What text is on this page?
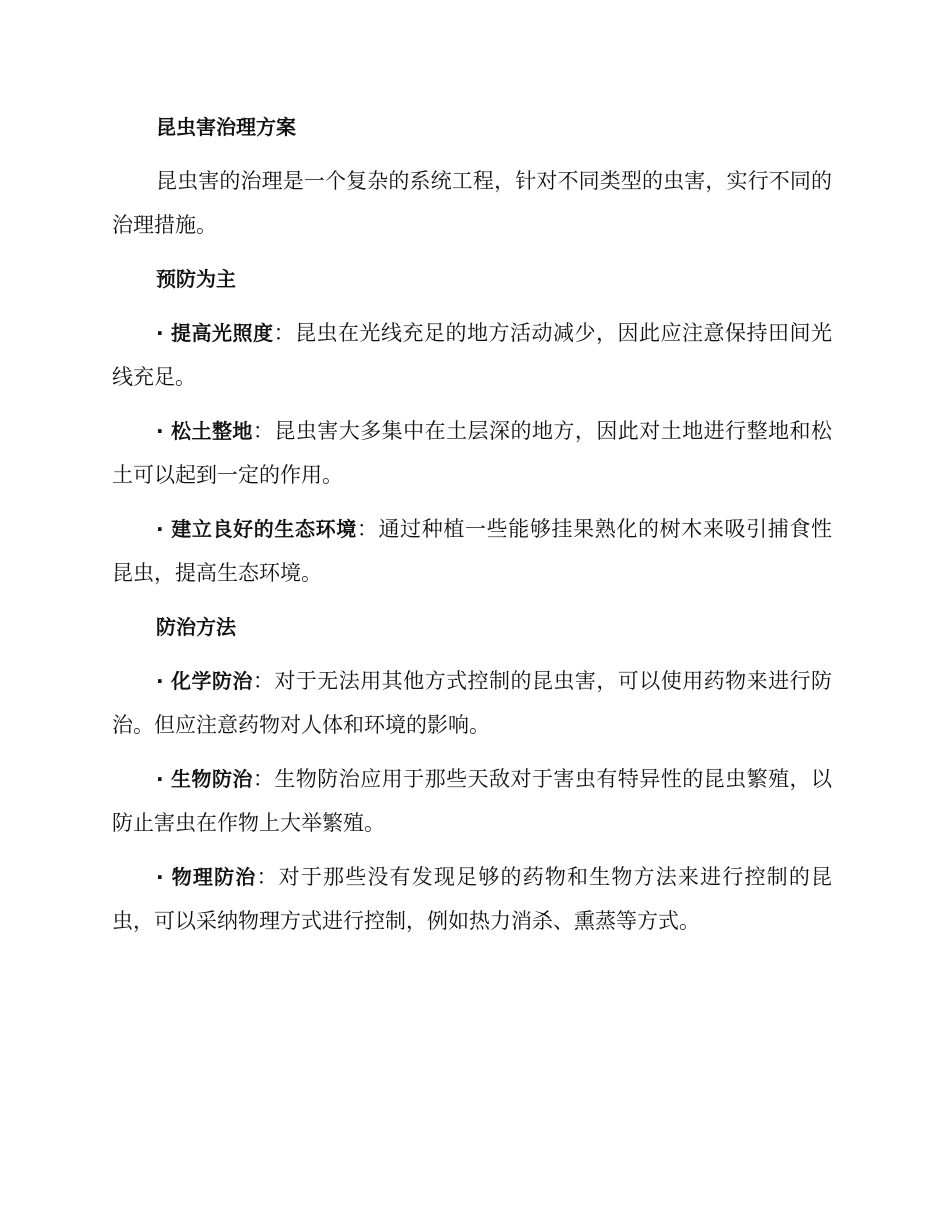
昆虫害治理方案

昆虫害的治理是一个复杂的系统工程，针对不同类型的虫害，实行不同的治理措施。

预防为主

· 提高光照度：昆虫在光线充足的地方活动减少，因此应注意保持田间光线充足。

· 松土整地：昆虫害大多集中在土层深的地方，因此对土地进行整地和松土可以起到一定的作用。

· 建立良好的生态环境：通过种植一些能够挂果熟化的树木来吸引捕食性昆虫，提高生态环境。

防治方法

· 化学防治：对于无法用其他方式控制的昆虫害，可以使用药物来进行防治。但应注意药物对人体和环境的影响。

· 生物防治：生物防治应用于那些天敌对于害虫有特异性的昆虫繁殖，以防止害虫在作物上大举繁殖。

· 物理防治：对于那些没有发现足够的药物和生物方法来进行控制的昆虫，可以采纳物理方式进行控制，例如热力消杀、熏蒸等方式。
